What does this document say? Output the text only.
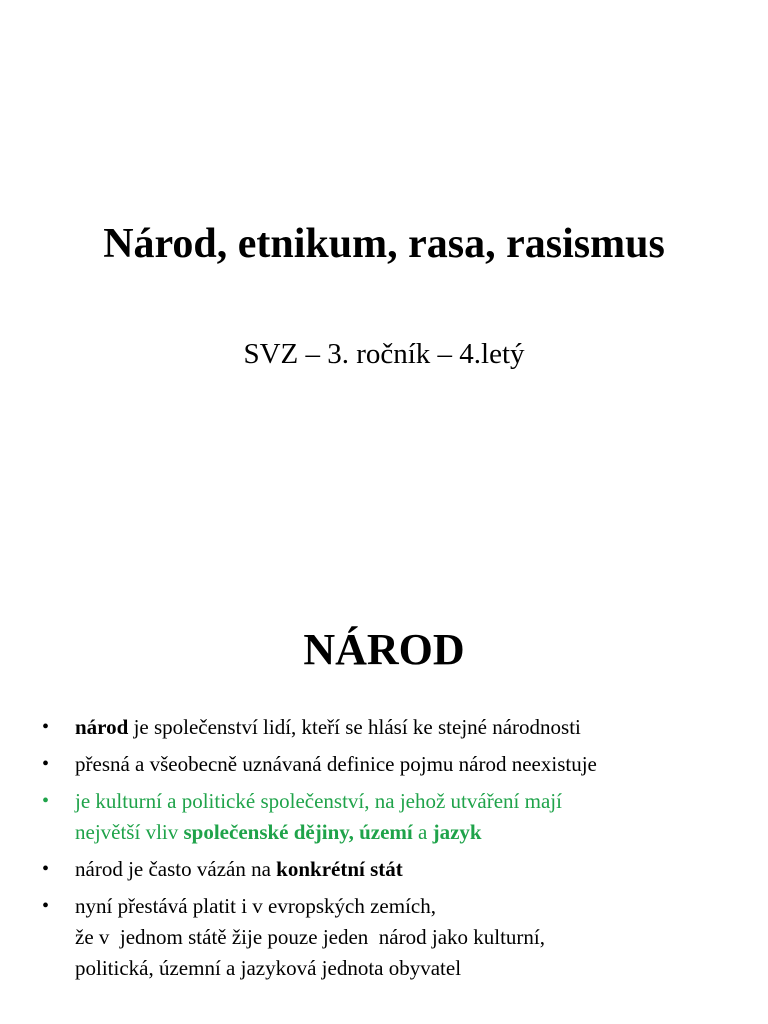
Národ, etnikum, rasa, rasismus
SVZ – 3. ročník – 4.letý
NÁROD
• národ je společenství lidí, kteří se hlásí ke stejné národnosti
• přesná a všeobecně uznávaná definice pojmu národ neexistuje
• je kulturní a politické společenství, na jehož utváření mají
největší vliv společenské dějiny, území a jazyk
• národ je často vázán na konkrétní stát
• nyní přestává platit i v evropských zemích,
že v  jednom státě žije pouze jeden  národ jako kulturní,
politická, územní a jazyková jednota obyvatel
